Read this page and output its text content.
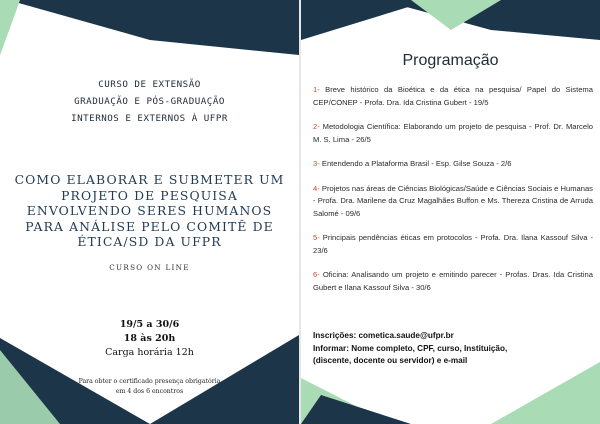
CURSO DE EXTENSÃO
GRADUAÇÃO E PÓS-GRADUAÇÃO
INTERNOS E EXTERNOS À UFPR
COMO ELABORAR E SUBMETER UM
PROJETO DE PESQUISA
ENVOLVENDO SERES HUMANOS
PARA ANÁLISE PELO COMITÊ DE
ÉTICA/SD DA UFPR
CURSO ON LINE
19/5 a 30/6
18 às 20h
Carga horária 12h
Para obter o certificado presença obrigatória
em 4 dos 6 encontros
Programação
1- Breve histórico da Bioética e da ética na pesquisa/ Papel do Sistema CEP/CONEP - Profa. Dra. Ida Cristina Gubert - 19/5
2- Metodologia Científica: Elaborando um projeto de pesquisa - Prof. Dr. Marcelo M. S. Lima - 26/5
3- Entendendo a Plataforma Brasil - Esp. Gilse Souza - 2/6
4- Projetos nas áreas de Ciências Biológicas/Saúde e Ciências Sociais e Humanas - Profa. Dra. Marilene da Cruz Magalhães Buffon e Ms. Thereza Cristina de Arruda Salomé - 09/6
5- Principais pendências éticas em protocolos - Profa. Dra. Ilana Kassouf Silva - 23/6
6- Oficina: Analisando um projeto e emitindo parecer - Profas. Dras. Ida Cristina Gubert e Ilana Kassouf Silva - 30/6
Inscrições: cometica.saude@ufpr.br
Informar: Nome completo, CPF, curso, Instituição,
(discente, docente ou servidor) e e-mail
